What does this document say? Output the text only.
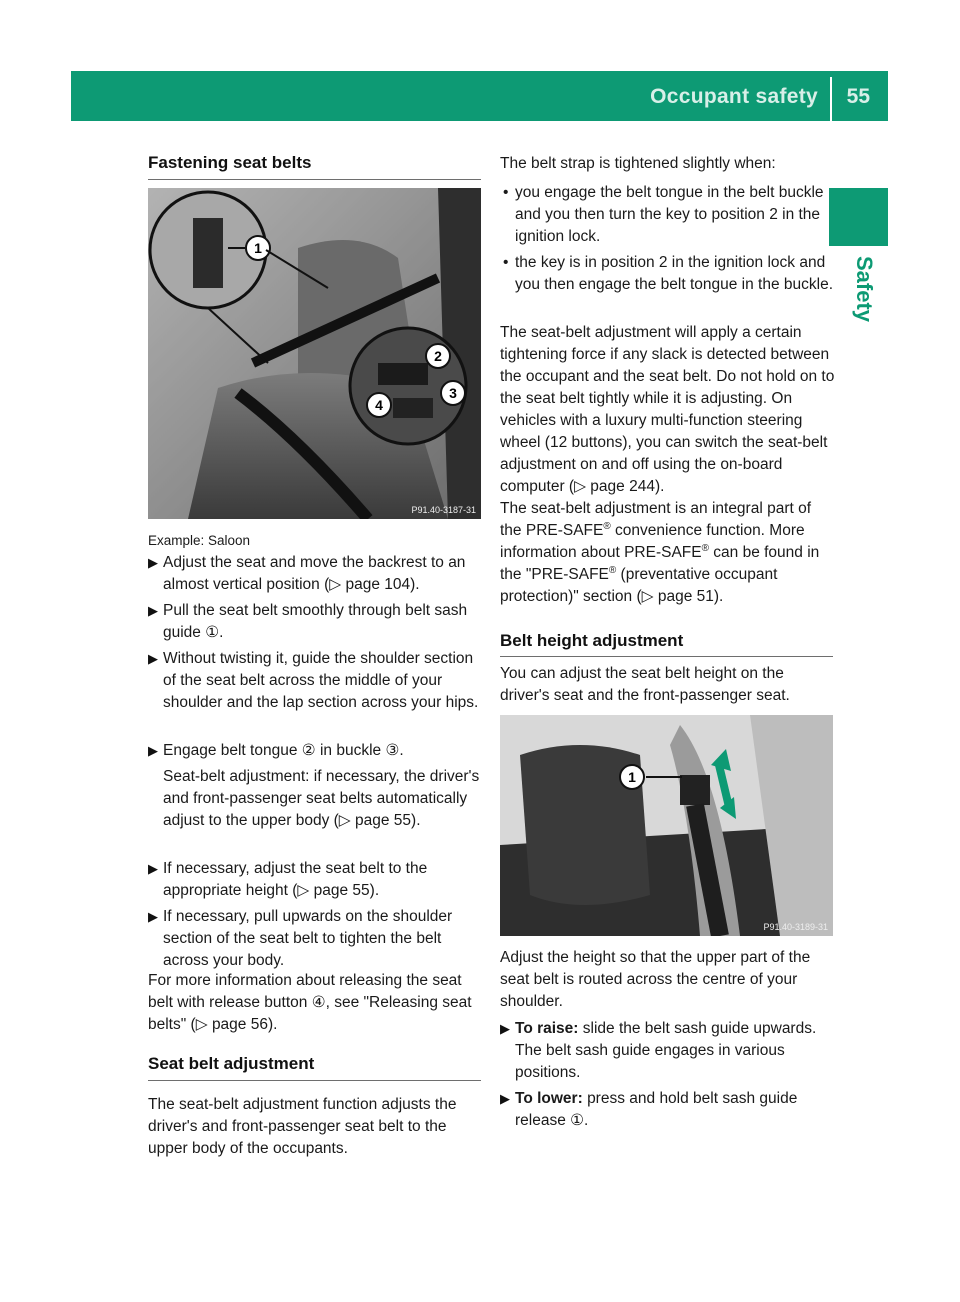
Occupant safety 55
Safety
Fastening seat belts
1
2
3
4
P91.40-3187-31
Example: Saloon
▶ Adjust the seat and move the backrest to an almost vertical position (▷ page 104).
▶ Pull the seat belt smoothly through belt sash guide ①.
▶ Without twisting it, guide the shoulder section of the seat belt across the middle of your shoulder and the lap section across your hips.
▶ Engage belt tongue ② in buckle ③.
Seat-belt adjustment: if necessary, the driver's and front-passenger seat belts automatically adjust to the upper body (▷ page 55).
▶ If necessary, adjust the seat belt to the appropriate height (▷ page 55).
▶ If necessary, pull upwards on the shoulder section of the seat belt to tighten the belt across your body.
For more information about releasing the seat belt with release button ④, see "Releasing seat belts" (▷ page 56).
Seat belt adjustment
The seat-belt adjustment function adjusts the driver's and front-passenger seat belt to the upper body of the occupants.
The belt strap is tightened slightly when:
• you engage the belt tongue in the belt buckle and you then turn the key to position 2 in the ignition lock.
• the key is in position 2 in the ignition lock and you then engage the belt tongue in the buckle.
The seat-belt adjustment will apply a certain tightening force if any slack is detected between the occupant and the seat belt. Do not hold on to the seat belt tightly while it is adjusting. On vehicles with a luxury multi-function steering wheel (12 buttons), you can switch the seat-belt adjustment on and off using the on-board computer (▷ page 244).
The seat-belt adjustment is an integral part of the PRE-SAFE® convenience function. More information about PRE-SAFE® can be found in the "PRE-SAFE® (preventative occupant protection)" section (▷ page 51).
Belt height adjustment
You can adjust the seat belt height on the driver's seat and the front-passenger seat.
1
P91.40-3189-31
Adjust the height so that the upper part of the seat belt is routed across the centre of your shoulder.
▶ To raise: slide the belt sash guide upwards. The belt sash guide engages in various positions.
▶ To lower: press and hold belt sash guide release ①.
